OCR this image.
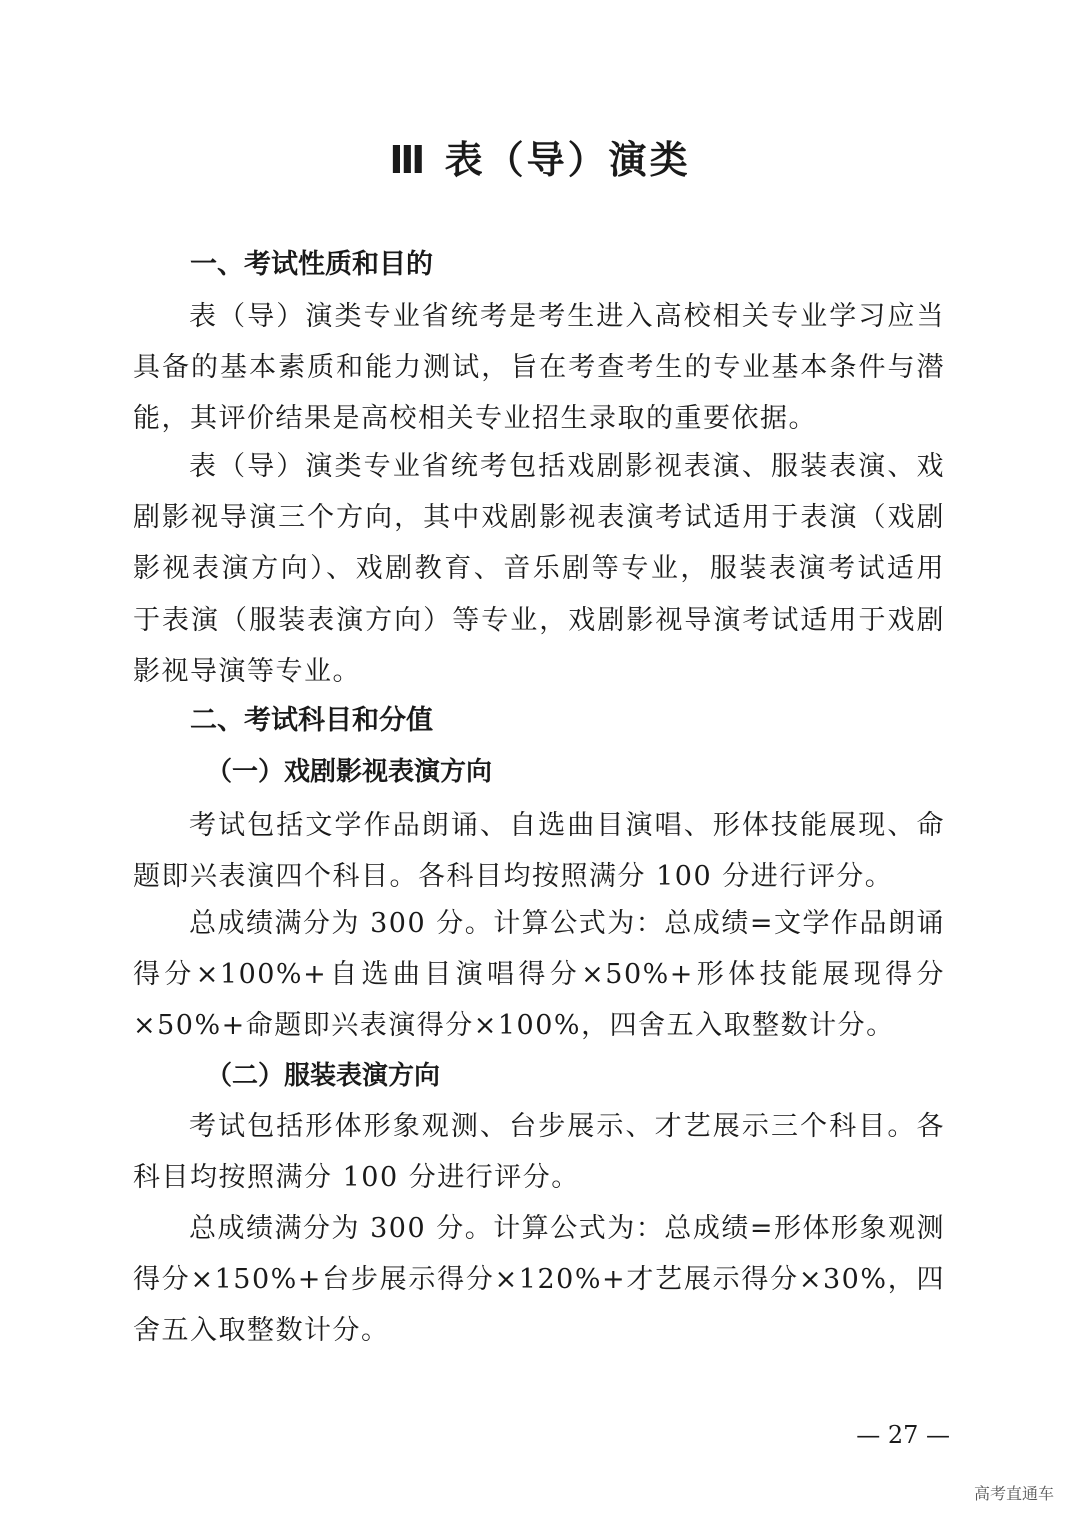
Ⅲ 表（导）演类
一、考试性质和目的

表（导）演类专业省统考是考生进入高校相关专业学习应当具备的基本素质和能力测试，旨在考查考生的专业基本条件与潜能，其评价结果是高校相关专业招生录取的重要依据。

表（导）演类专业省统考包括戏剧影视表演、服装表演、戏剧影视导演三个方向，其中戏剧影视表演考试适用于表演（戏剧影视表演方向）、戏剧教育、音乐剧等专业，服装表演考试适用于表演（服装表演方向）等专业，戏剧影视导演考试适用于戏剧影视导演等专业。

二、考试科目和分值
（一）戏剧影视表演方向

考试包括文学作品朗诵、自选曲目演唱、形体技能展现、命题即兴表演四个科目。各科目均按照满分 100 分进行评分。

总成绩满分为 300 分。计算公式为：总成绩=文学作品朗诵得分×100%+自选曲目演唱得分×50%+形体技能展现得分×50%+命题即兴表演得分×100%，四舍五入取整数计分。

（二）服装表演方向

考试包括形体形象观测、台步展示、才艺展示三个科目。各科目均按照满分 100 分进行评分。

总成绩满分为 300 分。计算公式为：总成绩=形体形象观测得分×150%+台步展示得分×120%+才艺展示得分×30%，四舍五入取整数计分。

— 27 —
高考直通车
